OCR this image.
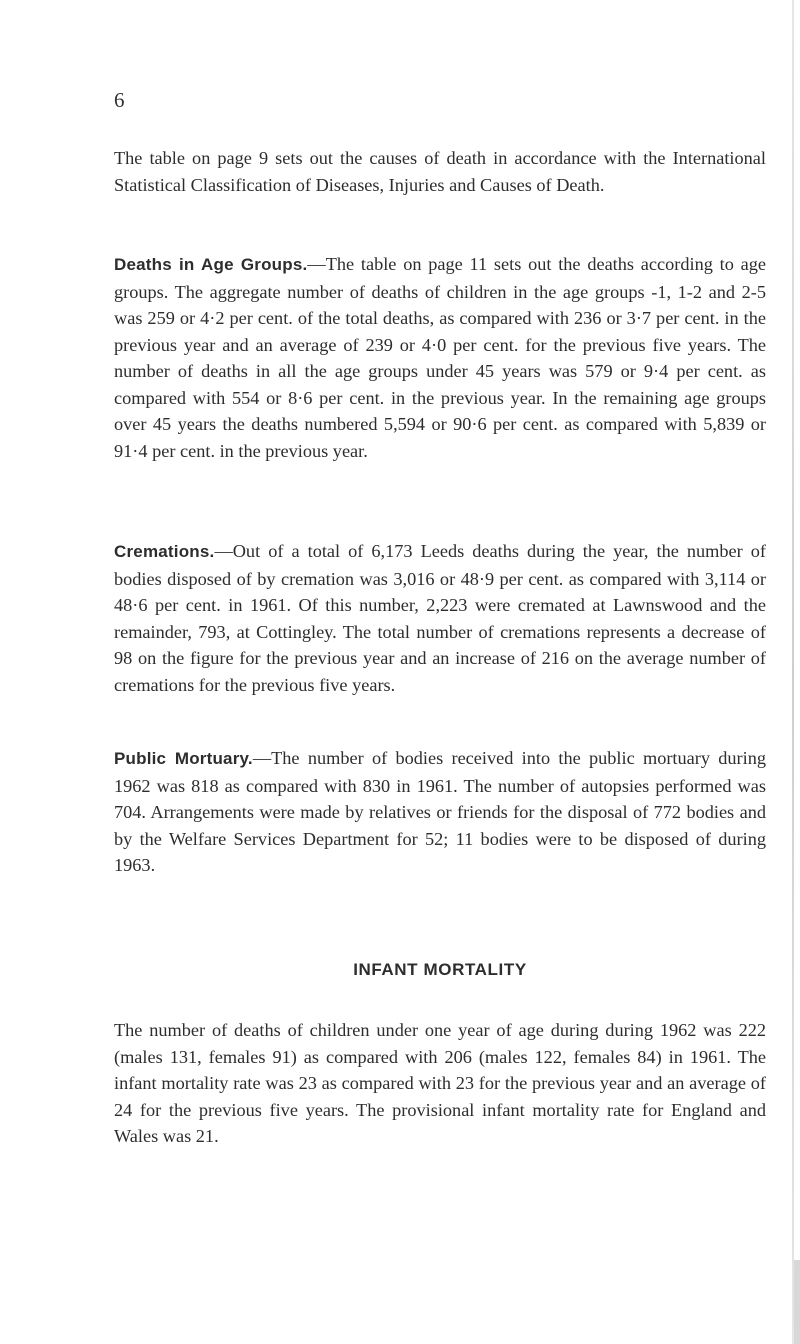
6

The table on page 9 sets out the causes of death in accordance with the International Statistical Classification of Diseases, Injuries and Causes of Death.

Deaths in Age Groups.—The table on page 11 sets out the deaths according to age groups. The aggregate number of deaths of children in the age groups -1, 1-2 and 2-5 was 259 or 4·2 per cent. of the total deaths, as compared with 236 or 3·7 per cent. in the previous year and an average of 239 or 4·0 per cent. for the previous five years. The number of deaths in all the age groups under 45 years was 579 or 9·4 per cent. as compared with 554 or 8·6 per cent. in the previous year. In the remaining age groups over 45 years the deaths numbered 5,594 or 90·6 per cent. as compared with 5,839 or 91·4 per cent. in the previous year.

Cremations.—Out of a total of 6,173 Leeds deaths during the year, the number of bodies disposed of by cremation was 3,016 or 48·9 per cent. as compared with 3,114 or 48·6 per cent. in 1961. Of this number, 2,223 were cremated at Lawnswood and the remainder, 793, at Cottingley. The total number of cremations represents a decrease of 98 on the figure for the previous year and an increase of 216 on the average number of cremations for the previous five years.

Public Mortuary.—The number of bodies received into the public mortuary during 1962 was 818 as compared with 830 in 1961. The number of autopsies performed was 704. Arrangements were made by relatives or friends for the disposal of 772 bodies and by the Welfare Services Department for 52; 11 bodies were to be disposed of during 1963.

INFANT MORTALITY

The number of deaths of children under one year of age during during 1962 was 222 (males 131, females 91) as compared with 206 (males 122, females 84) in 1961. The infant mortality rate was 23 as compared with 23 for the previous year and an average of 24 for the previous five years. The provisional infant mortality rate for England and Wales was 21.
